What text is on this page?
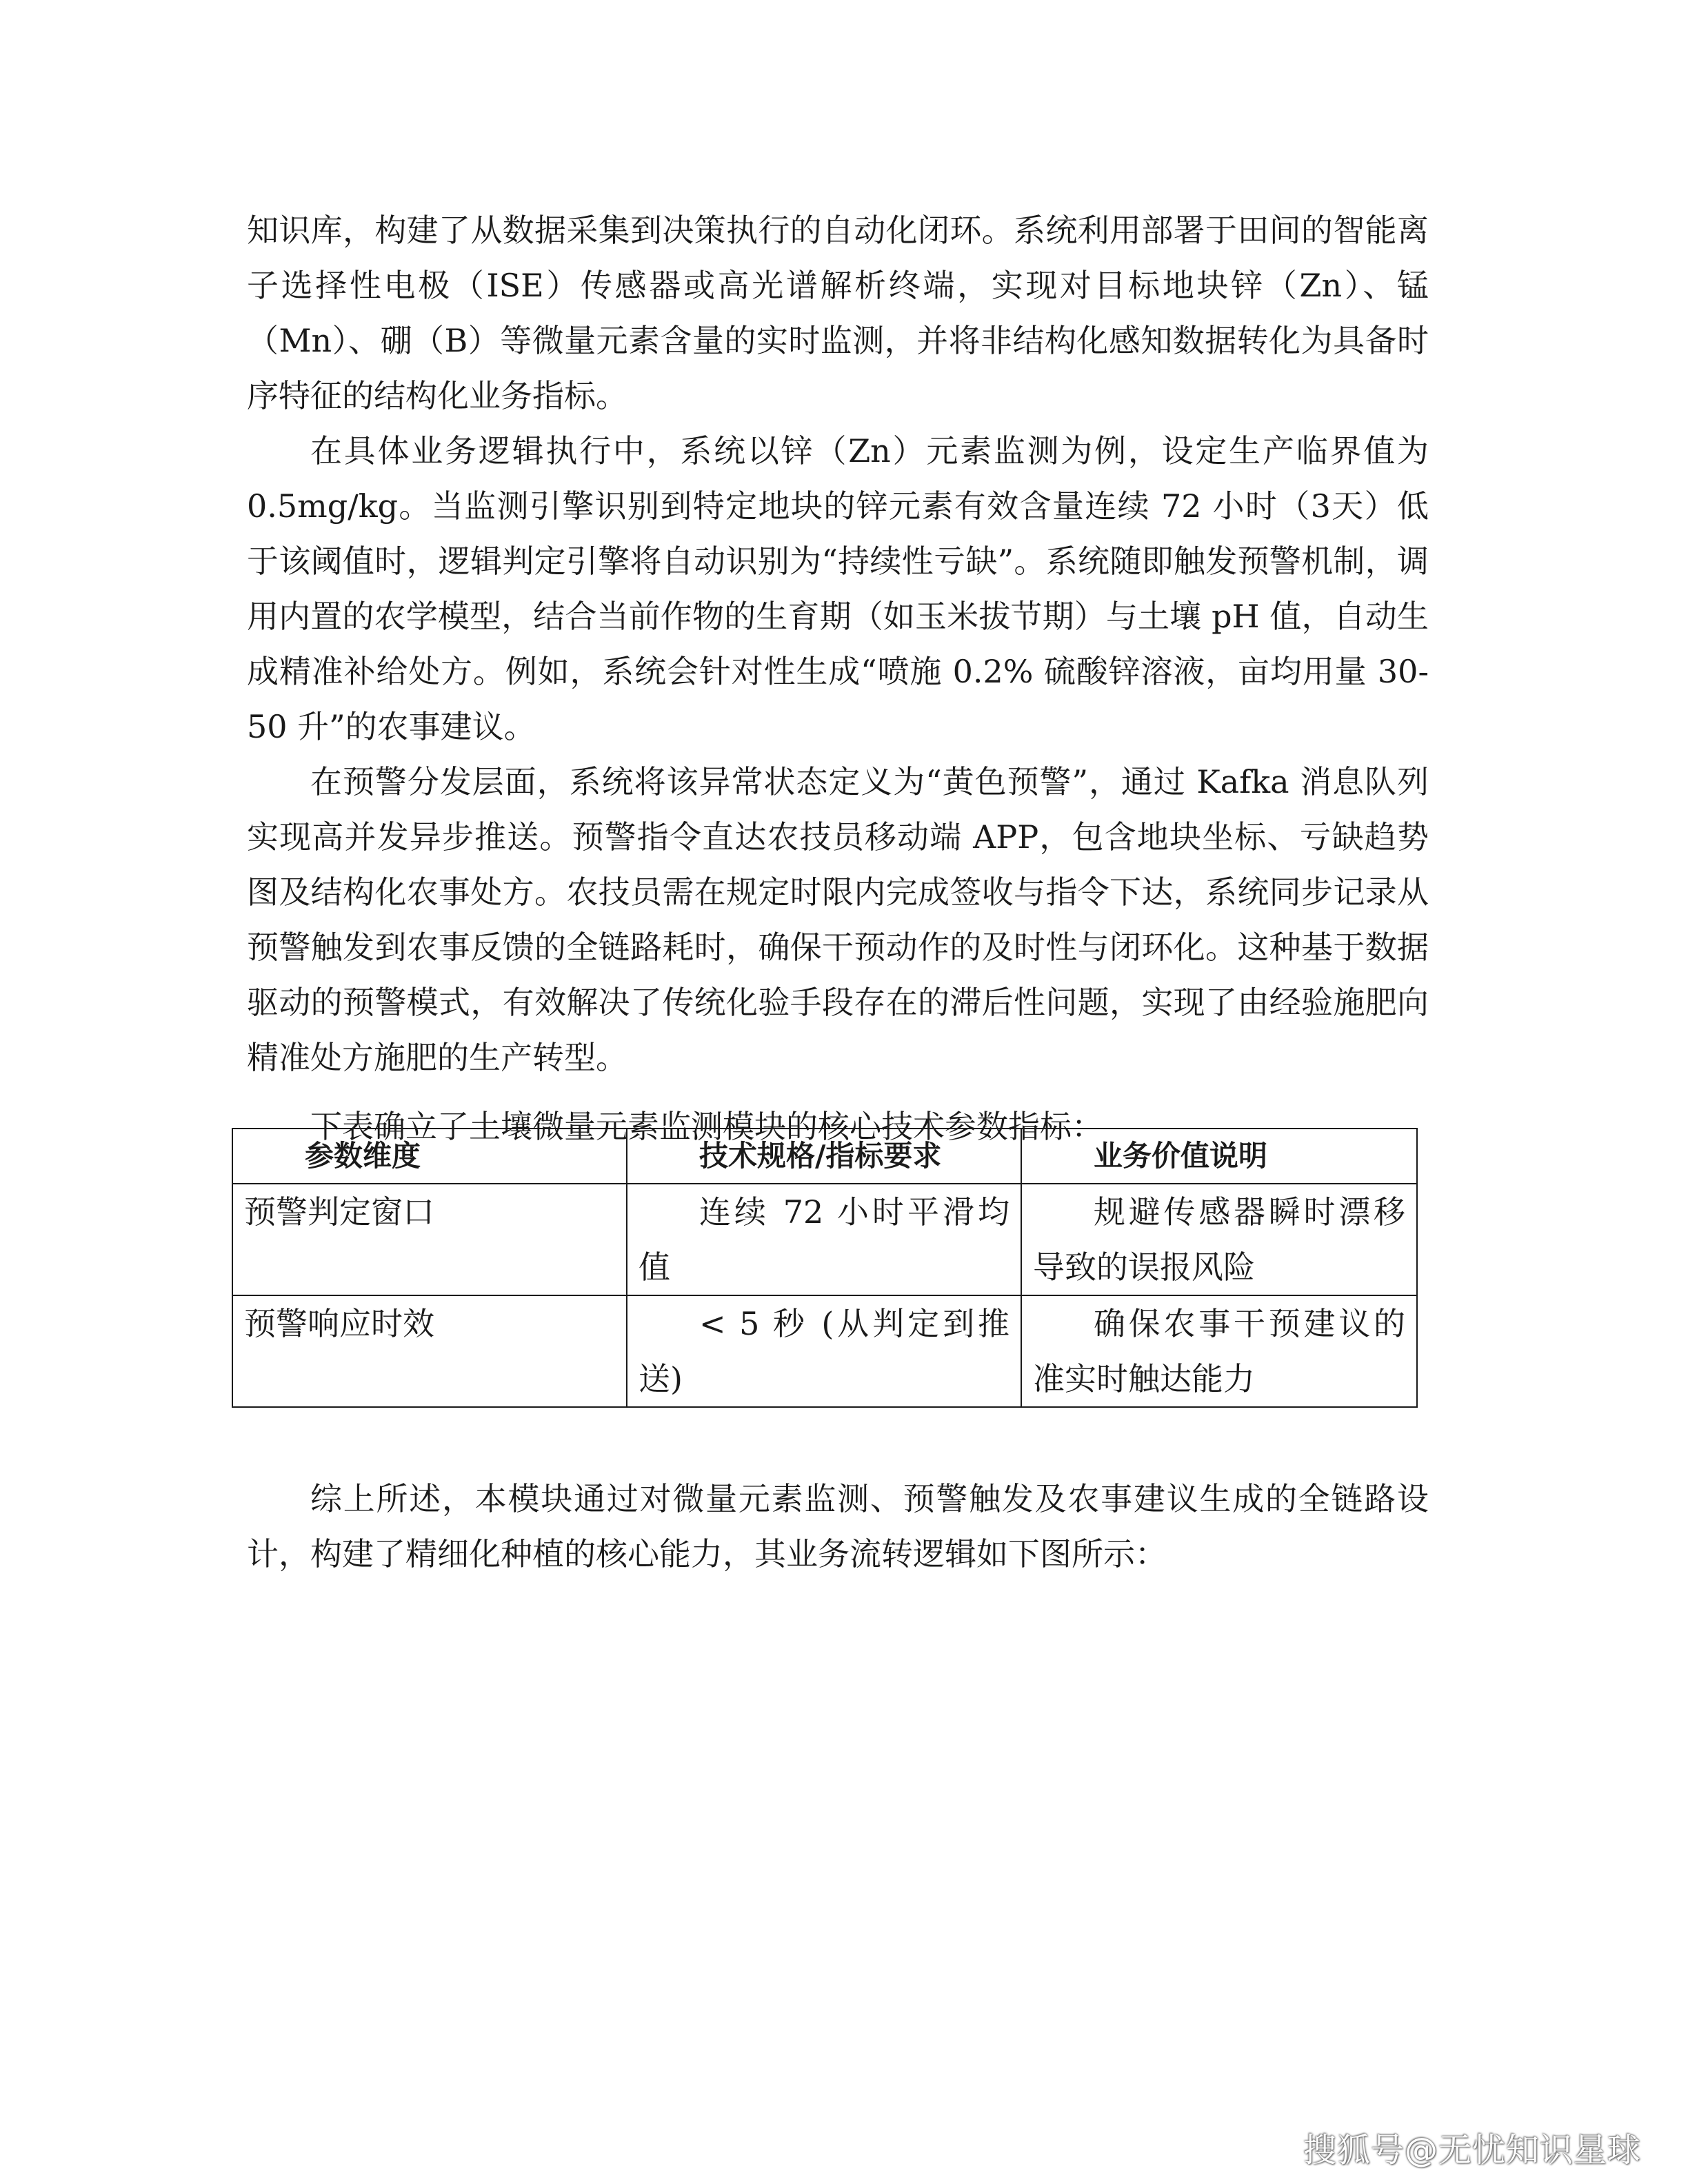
知识库，构建了从数据采集到决策执行的自动化闭环。系统利用部署于田间的智能离子选择性电极（ISE）传感器或高光谱解析终端，实现对目标地块锌（Zn）、锰（Mn）、硼（B）等微量元素含量的实时监测，并将非结构化感知数据转化为具备时序特征的结构化业务指标。

在具体业务逻辑执行中，系统以锌（Zn）元素监测为例，设定生产临界值为 0.5mg/kg。当监测引擎识别到特定地块的锌元素有效含量连续 72 小时（3天）低于该阈值时，逻辑判定引擎将自动识别为“持续性亏缺”。系统随即触发预警机制，调用内置的农学模型，结合当前作物的生育期（如玉米拔节期）与土壤 pH 值，自动生成精准补给处方。例如，系统会针对性生成“喷施 0.2% 硫酸锌溶液，亩均用量 30-50 升”的农事建议。

在预警分发层面，系统将该异常状态定义为“黄色预警”，通过 Kafka 消息队列实现高并发异步推送。预警指令直达农技员移动端 APP，包含地块坐标、亏缺趋势图及结构化农事处方。农技员需在规定时限内完成签收与指令下达，系统同步记录从预警触发到农事反馈的全链路耗时，确保干预动作的及时性与闭环化。这种基于数据驱动的预警模式，有效解决了传统化验手段存在的滞后性问题，实现了由经验施肥向精准处方施肥的生产转型。

下表确立了土壤微量元素监测模块的核心技术参数指标：

参数维度	技术规格/指标要求	业务价值说明
预警判定窗口	连续 72 小时平滑均值	规避传感器瞬时漂移导致的误报风险
预警响应时效	< 5 秒 (从判定到推送)	确保农事干预建议的准实时触达能力

综上所述，本模块通过对微量元素监测、预警触发及农事建议生成的全链路设计，构建了精细化种植的核心能力，其业务流转逻辑如下图所示：

搜狐号@无忧知识星球
